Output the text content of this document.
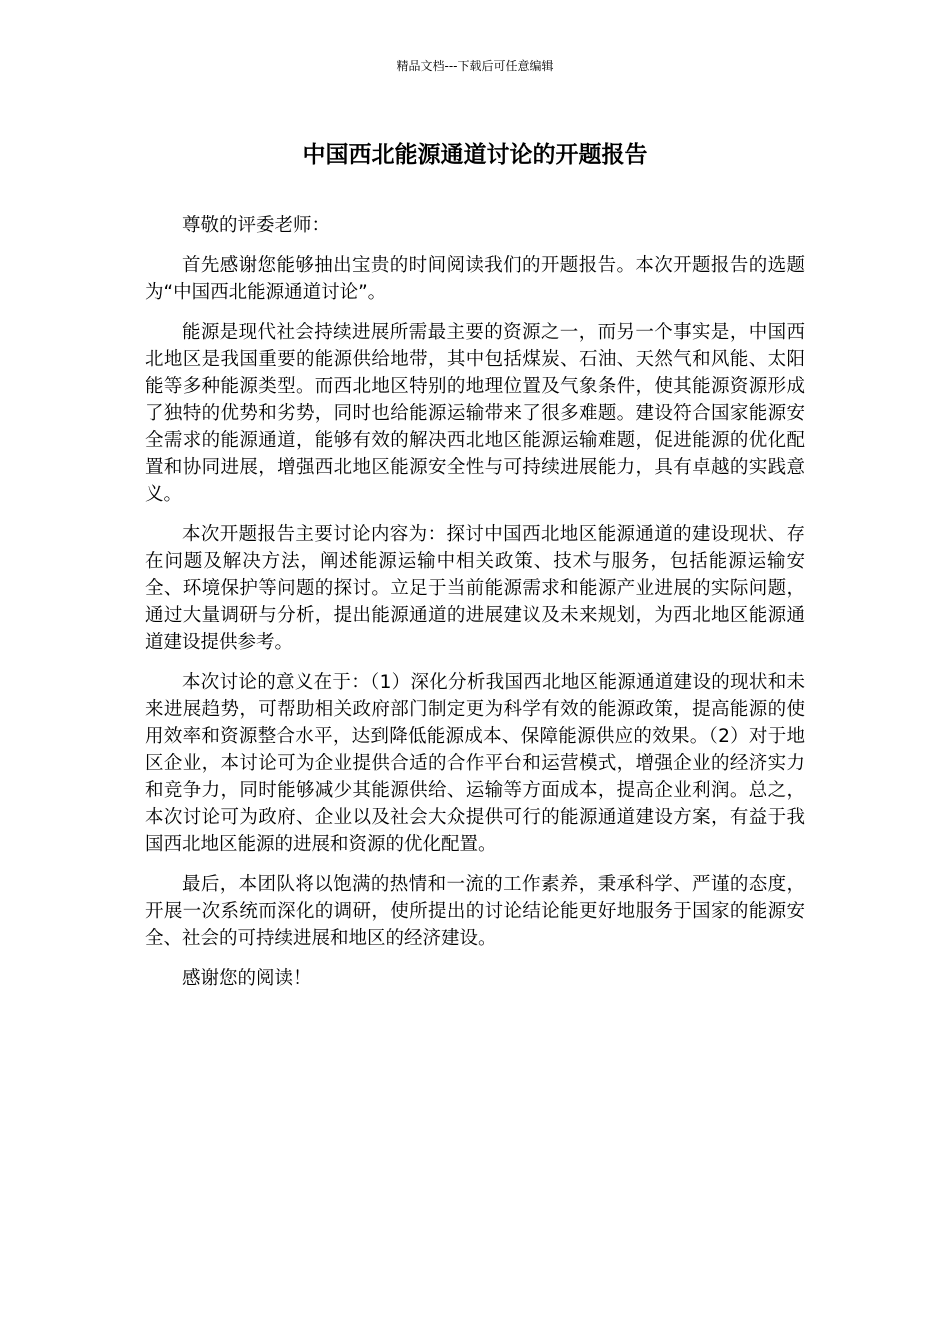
精品文档---下载后可任意编辑
中国西北能源通道讨论的开题报告

尊敬的评委老师：

首先感谢您能够抽出宝贵的时间阅读我们的开题报告。本次开题报告的选题为“中国西北能源通道讨论”。

能源是现代社会持续进展所需最主要的资源之一，而另一个事实是，中国西北地区是我国重要的能源供给地带，其中包括煤炭、石油、天然气和风能、太阳能等多种能源类型。而西北地区特别的地理位置及气象条件，使其能源资源形成了独特的优势和劣势，同时也给能源运输带来了很多难题。建设符合国家能源安全需求的能源通道，能够有效的解决西北地区能源运输难题，促进能源的优化配置和协同进展，增强西北地区能源安全性与可持续进展能力，具有卓越的实践意义。

本次开题报告主要讨论内容为：探讨中国西北地区能源通道的建设现状、存在问题及解决方法，阐述能源运输中相关政策、技术与服务，包括能源运输安全、环境保护等问题的探讨。立足于当前能源需求和能源产业进展的实际问题，通过大量调研与分析，提出能源通道的进展建议及未来规划，为西北地区能源通道建设提供参考。

本次讨论的意义在于：（1）深化分析我国西北地区能源通道建设的现状和未来进展趋势，可帮助相关政府部门制定更为科学有效的能源政策，提高能源的使用效率和资源整合水平，达到降低能源成本、保障能源供应的效果。（2）对于地区企业，本讨论可为企业提供合适的合作平台和运营模式，增强企业的经济实力和竞争力，同时能够减少其能源供给、运输等方面成本，提高企业利润。总之，本次讨论可为政府、企业以及社会大众提供可行的能源通道建设方案，有益于我国西北地区能源的进展和资源的优化配置。

最后，本团队将以饱满的热情和一流的工作素养，秉承科学、严谨的态度，开展一次系统而深化的调研，使所提出的讨论结论能更好地服务于国家的能源安全、社会的可持续进展和地区的经济建设。

感谢您的阅读！
